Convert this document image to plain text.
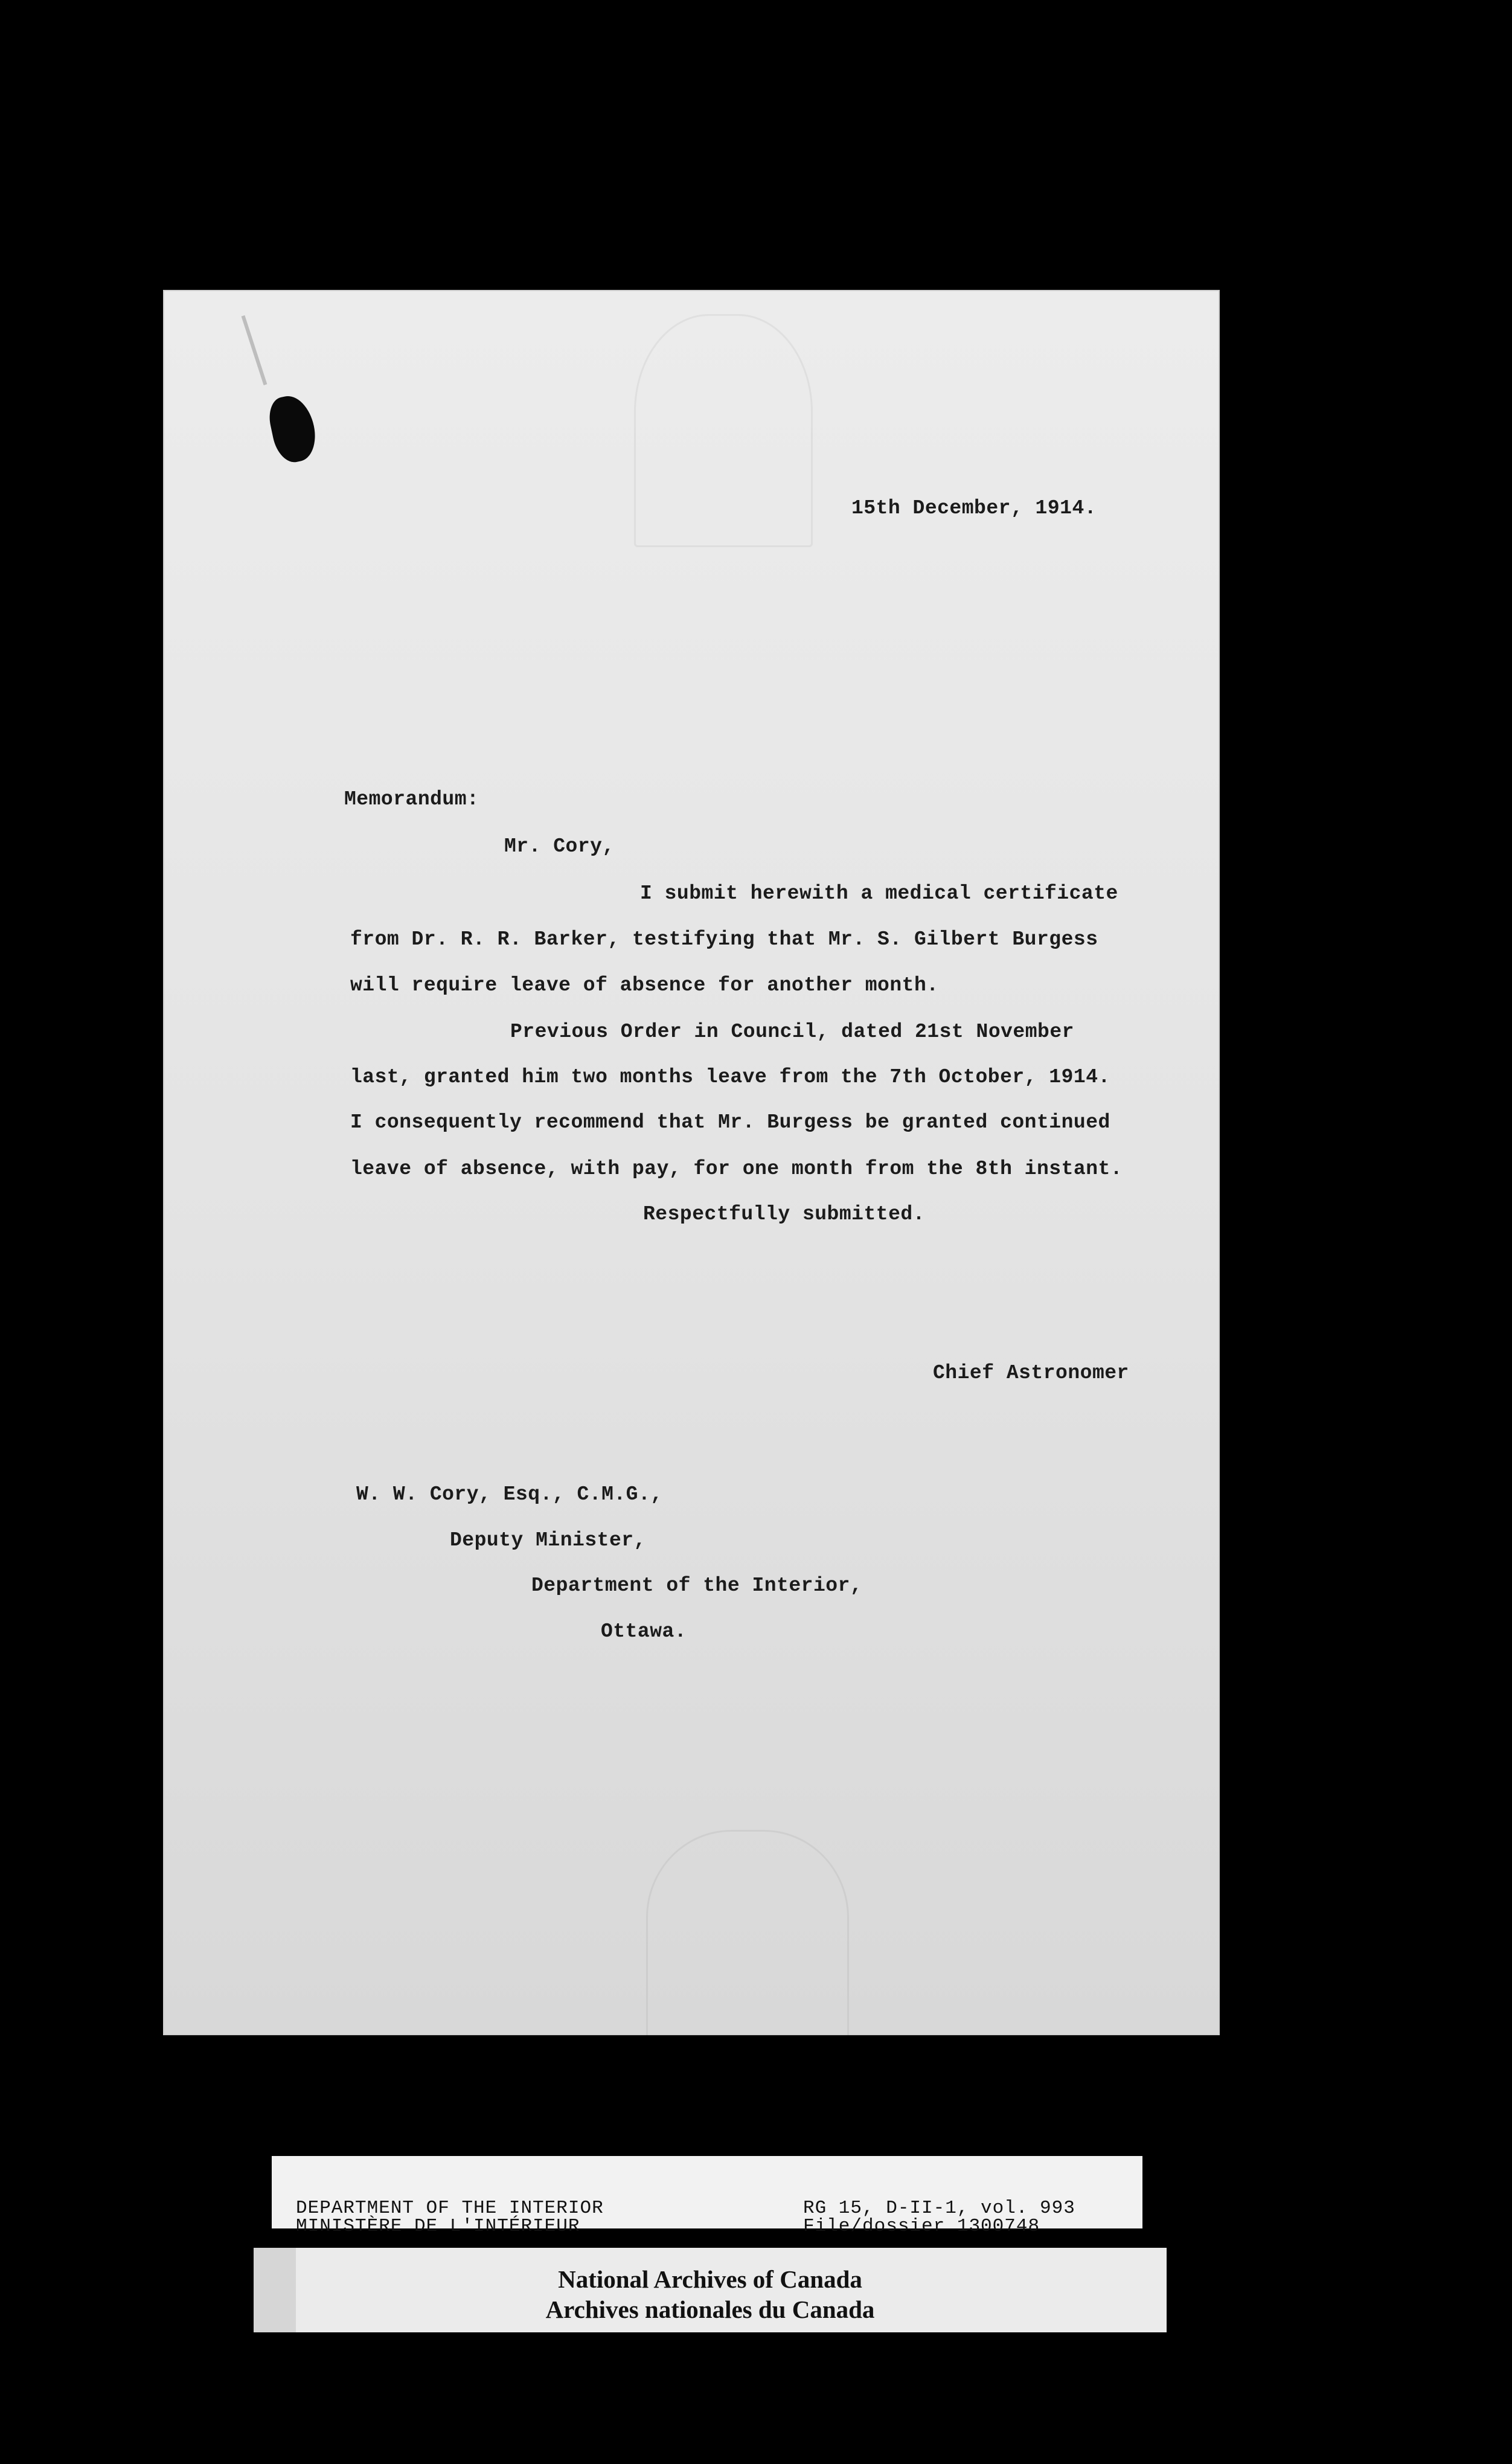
15th December, 1914.
Memorandum:
Mr. Cory,
I submit herewith a medical certificate
from Dr. R. R. Barker, testifying that Mr. S. Gilbert Burgess
will require leave of absence for another month.
Previous Order in Council, dated 21st November
last, granted him two months leave from the 7th October, 1914.
I consequently recommend that Mr. Burgess be granted continued
leave of absence, with pay, for one month from the 8th instant.
Respectfully submitted.
Chief Astronomer
W. W. Cory, Esq., C.M.G.,
Deputy Minister,
Department of the Interior,
Ottawa.
DEPARTMENT OF THE INTERIOR
MINISTÈRE DE L'INTÉRIEUR
RG 15, D-II-1, vol. 993
File/dossier 1300748
National Archives of Canada
Archives nationales du Canada
